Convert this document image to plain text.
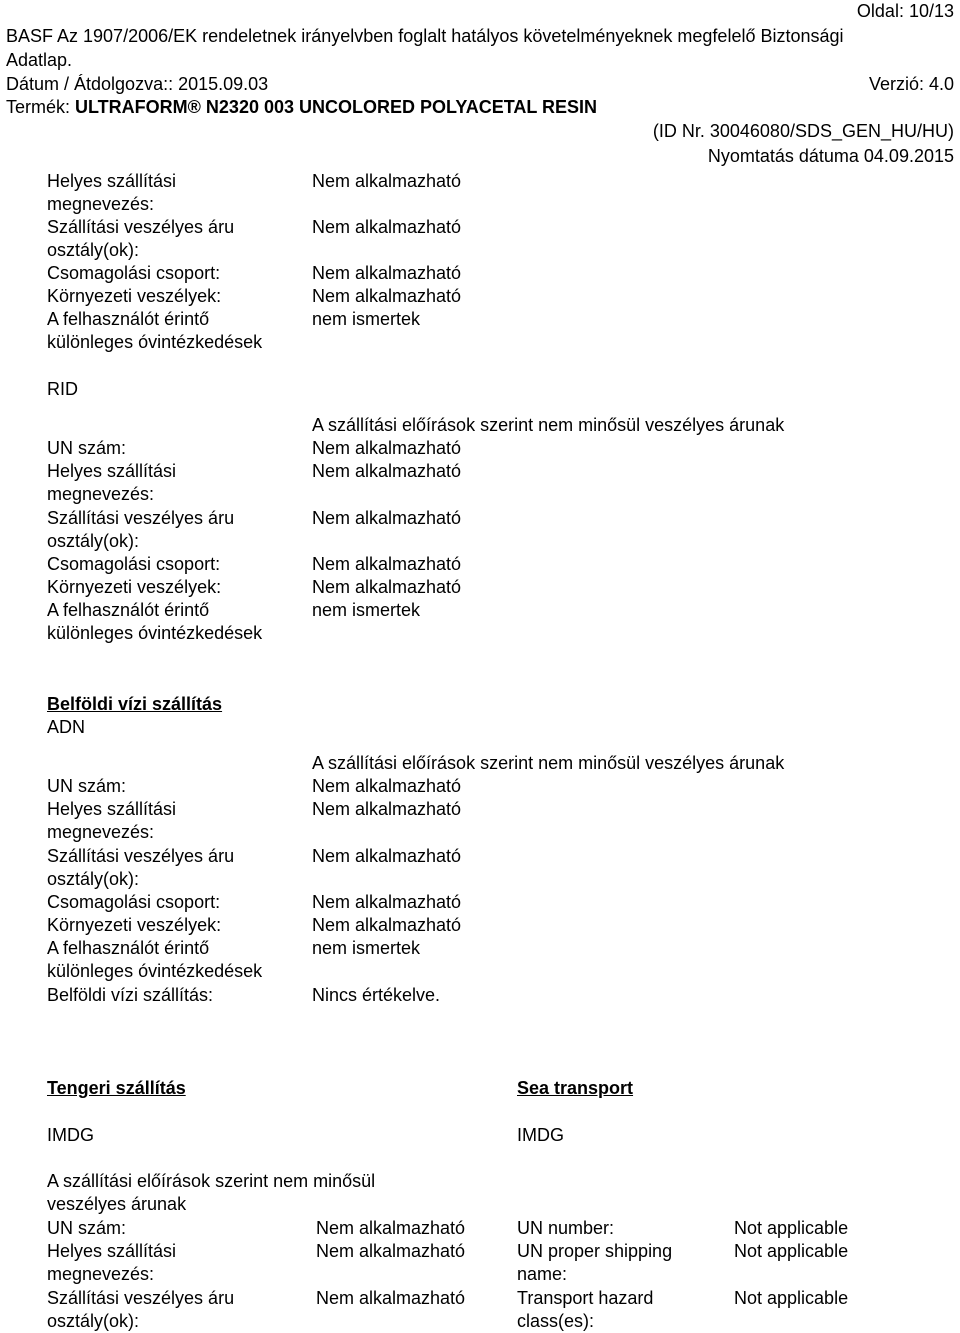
Oldal: 10/13
BASF Az 1907/2006/EK rendeletnek irányelvben foglalt hatályos követelményeknek megfelelő Biztonsági
Adatlap.
Dátum / Átdolgozva:: 2015.09.03	Verzió: 4.0
Termék: ULTRAFORM® N2320 003 UNCOLORED POLYACETAL RESIN
(ID Nr. 30046080/SDS_GEN_HU/HU)
Nyomtatás dátuma 04.09.2015
Helyes szállítási
megnevezés:
Szállítási veszélyes áru
osztály(ok):
Csomagolási csoport:
Környezeti veszélyek:
A felhasználót érintő
különleges óvintézkedések
Nem alkalmazható
Nem alkalmazható
Nem alkalmazható
Nem alkalmazható
nem ismertek
RID
A szállítási előírások szerint nem minősül veszélyes árunak
UN szám:
Helyes szállítási
megnevezés:
Szállítási veszélyes áru
osztály(ok):
Csomagolási csoport:
Környezeti veszélyek:
A felhasználót érintő
különleges óvintézkedések
Nem alkalmazható
Nem alkalmazható
Nem alkalmazható
Nem alkalmazható
Nem alkalmazható
nem ismertek
Belföldi vízi szállítás
ADN
A szállítási előírások szerint nem minősül veszélyes árunak
UN szám:
Helyes szállítási
megnevezés:
Szállítási veszélyes áru
osztály(ok):
Csomagolási csoport:
Környezeti veszélyek:
A felhasználót érintő
különleges óvintézkedések
Belföldi vízi szállítás:
Nem alkalmazható
Nem alkalmazható
Nem alkalmazható
Nem alkalmazható
Nem alkalmazható
nem ismertek
Nincs értékelve.
Tengeri szállítás
IMDG
A szállítási előírások szerint nem minősül
veszélyes árunak
UN szám:
Helyes szállítási
megnevezés:
Szállítási veszélyes áru
osztály(ok):
Nem alkalmazható
Nem alkalmazható
Nem alkalmazható
Sea transport
IMDG
UN number:
UN proper shipping
name:
Transport hazard
class(es):
Not applicable
Not applicable
Not applicable
